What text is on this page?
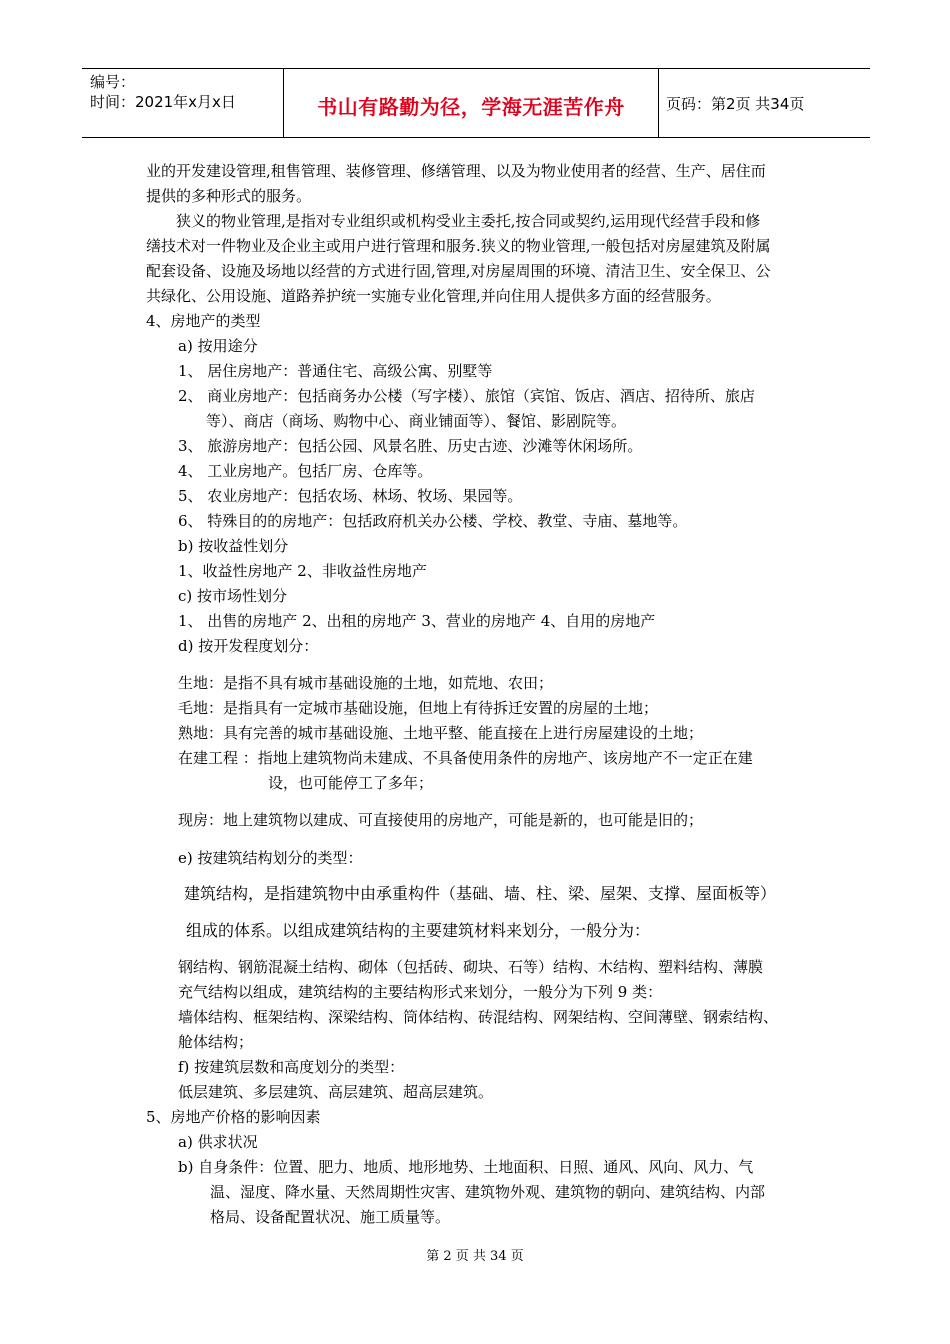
编号：
时间：2021年x月x日	书山有路勤为径，学海无涯苦作舟	页码：第2页 共34页
业的开发建设管理,租售管理、装修管理、修缮管理、以及为物业使用者的经营、生产、居住而
提供的多种形式的服务。
狭义的物业管理,是指对专业组织或机构受业主委托,按合同或契约,运用现代经营手段和修
缮技术对一件物业及企业主或用户进行管理和服务.狭义的物业管理,一般包括对房屋建筑及附属
配套设备、设施及场地以经营的方式进行固,管理,对房屋周围的环境、清洁卫生、安全保卫、公
共绿化、公用设施、道路养护统一实施专业化管理,并向住用人提供多方面的经营服务。
4、房地产的类型
a) 按用途分
1、 居住房地产：普通住宅、高级公寓、别墅等
2、 商业房地产：包括商务办公楼（写字楼）、旅馆（宾馆、饭店、酒店、招待所、旅店
等）、商店（商场、购物中心、商业铺面等）、餐馆、影剧院等。
3、 旅游房地产：包括公园、风景名胜、历史古迹、沙滩等休闲场所。
4、 工业房地产。包括厂房、仓库等。
5、 农业房地产：包括农场、林场、牧场、果园等。
6、 特殊目的的房地产：包括政府机关办公楼、学校、教堂、寺庙、墓地等。
b) 按收益性划分
1、收益性房地产 2、非收益性房地产
c) 按市场性划分
1、 出售的房地产 2、出租的房地产 3、营业的房地产 4、自用的房地产
d) 按开发程度划分：
生地：是指不具有城市基础设施的土地，如荒地、农田；
毛地：是指具有一定城市基础设施，但地上有待拆迁安置的房屋的土地；
熟地：具有完善的城市基础设施、土地平整、能直接在上进行房屋建设的土地；
在建工程 ：指地上建筑物尚未建成、不具备使用条件的房地产、该房地产不一定正在建
设，也可能停工了多年；
现房：地上建筑物以建成、可直接使用的房地产，可能是新的，也可能是旧的；
e) 按建筑结构划分的类型：
建筑结构，是指建筑物中由承重构件（基础、墙、柱、梁、屋架、支撑、屋面板等）
组成的体系。以组成建筑结构的主要建筑材料来划分，一般分为：
钢结构、钢筋混凝土结构、砌体（包括砖、砌块、石等）结构、木结构、塑料结构、薄膜
充气结构以组成，建筑结构的主要结构形式来划分，一般分为下列 9 类：
墙体结构、框架结构、深梁结构、筒体结构、砖混结构、网架结构、空间薄壁、钢索结构、
舱体结构；
f) 按建筑层数和高度划分的类型：
低层建筑、多层建筑、高层建筑、超高层建筑。
5、房地产价格的影响因素
a) 供求状况
b) 自身条件：位置、肥力、地质、地形地势、土地面积、日照、通风、风向、风力、气
温、湿度、降水量、天然周期性灾害、建筑物外观、建筑物的朝向、建筑结构、内部
格局、设备配置状况、施工质量等。
第 2 页 共 34 页
